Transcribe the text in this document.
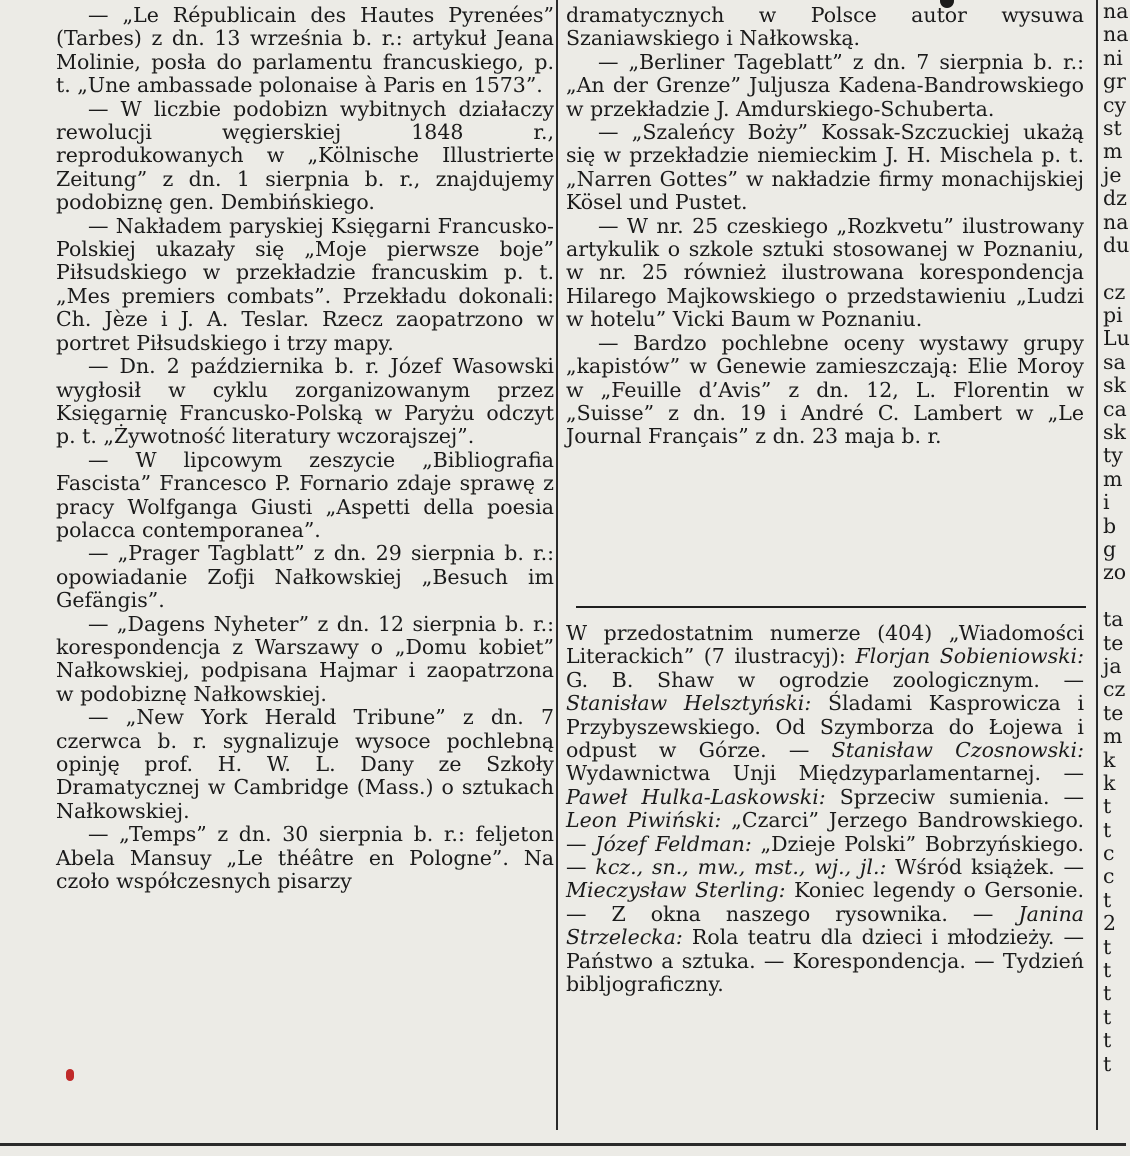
— „Le Républicain des Hautes Pyrenées” (Tarbes) z dn. 13 września b. r.: artykuł Jeana Molinie, posła do parlamentu francuskiego, p. t. „Une ambassade polonaise à Paris en 1573”.

— W liczbie podobizn wybitnych działaczy rewolucji węgierskiej 1848 r., reprodukowanych w „Kölnische Illustrierte Zeitung” z dn. 1 sierpnia b. r., znajdujemy podobiznę gen. Dembińskiego.

— Nakładem paryskiej Księgarni Francusko-Polskiej ukazały się „Moje pierwsze boje” Piłsudskiego w przekładzie francuskim p. t. „Mes premiers combats”. Przekładu dokonali: Ch. Jèze i J. A. Teslar. Rzecz zaopatrzono w portret Piłsudskiego i trzy mapy.

— Dn. 2 października b. r. Józef Wasowski wygłosił w cyklu zorganizowanym przez Księgarnię Francusko-Polską w Paryżu odczyt p. t. „Żywotność literatury wczorajszej”.

— W lipcowym zeszycie „Bibliografia Fascista” Francesco P. Fornario zdaje sprawę z pracy Wolfganga Giusti „Aspetti della poesia polacca contemporanea”.

— „Prager Tagblatt” z dn. 29 sierpnia b. r.: opowiadanie Zofji Nałkowskiej „Besuch im Gefängis”.

— „Dagens Nyheter” z dn. 12 sierpnia b. r.: korespondencja z Warszawy o „Domu kobiet” Nałkowskiej, podpisana Hajmar i zaopatrzona w podobiznę Nałkowskiej.

— „New York Herald Tribune” z dn. 7 czerwca b. r. sygnalizuje wysoce pochlebną opinję prof. H. W. L. Dany ze Szkoły Dramatycznej w Cambridge (Mass.) o sztukach Nałkowskiej.

— „Temps” z dn. 30 sierpnia b. r.: feljeton Abela Mansuy „Le théâtre en Pologne”. Na czoło współczesnych pisarzy

dramatycznych w Polsce autor wysuwa Szaniawskiego i Nałkowską.

— „Berliner Tageblatt” z dn. 7 sierpnia b. r.: „An der Grenze” Juljusza Kadena-Bandrowskiego w przekładzie J. Amdurskiego-Schuberta.

— „Szaleńcy Boży” Kossak-Szczuckiej ukażą się w przekładzie niemieckim J. H. Mischela p. t. „Narren Gottes” w nakładzie firmy monachijskiej Kösel und Pustet.

— W nr. 25 czeskiego „Rozkvetu” ilustrowany artykulik o szkole sztuki stosowanej w Poznaniu, w nr. 25 również ilustrowana korespondencja Hilarego Majkowskiego o przedstawieniu „Ludzi w hotelu” Vicki Baum w Poznaniu.

— Bardzo pochlebne oceny wystawy grupy „kapistów” w Genewie zamieszczają: Elie Moroy w „Feuille d’Avis” z dn. 12, L. Florentin w „Suisse” z dn. 19 i André C. Lambert w „Le Journal Français” z dn. 23 maja b. r.

W przedostatnim numerze (404) „Wiadomości Literackich” (7 ilustracyj): Florjan Sobieniowski: G. B. Shaw w ogrodzie zoologicznym. — Stanisław Helsztyński: Śladami Kasprowicza i Przybyszewskiego. Od Szymborza do Łojewa i odpust w Górze. — Stanisław Czosnowski: Wydawnictwa Unji Międzyparlamentarnej. — Paweł Hulka-Laskowski: Sprzeciw sumienia. — Leon Piwiński: „Czarci” Jerzego Bandrowskiego. — Józef Feldman: „Dzieje Polski” Bobrzyńskiego. — kcz., sn., mw., mst., wj., jl.: Wśród książek. — Mieczysław Sterling: Koniec legendy o Gersonie. — Z okna naszego rysownika. — Janina Strzelecka: Rola teatru dla dzieci i młodzieży. — Państwo a sztuka. — Korespondencja. — Tydzień bibljograficzny.

na
na
ni
gr
cy
st
m
je
dz
na
du
cz
pi
Lu
sa
sk
ca
sk
ty
m
i
b
g
zo
ta
te
ja
cz
te
m
k
k
t
t
c
c
t
2
t
t
t
t
t
t
